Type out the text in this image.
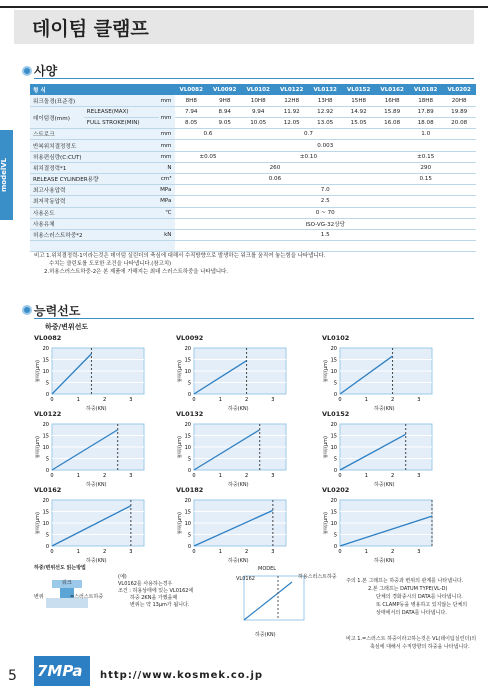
데이텀 클램프
modelVL
사양
형 식			VL0082	VL0092	VL0102	VL0122	VL0132	VL0152	VL0162	VL0182	VL0202
워크돌경(표준경)		mm	8H8	9H8	10H8	12H8	13H8	15H8	16H8	18H8	20H8
데이텀경(mm)	RELEASE(MAX)	mm	7.94	8.94	9.94	11.92	12.92	14.92	15.89	17.89	19.89
	FULL STROKE(MIN)		8.05	9.05	10.05	12.05	13.05	15.05	16.08	18.08	20.08
스트로크		mm	0.6		0.7				1.0		
반복위치결정정도		mm	0.003								
허용편심량(C:CUT)		mm	±0.05		±0.10				±0.15		
위치결정력*1		N	260						290		
RELEASE CYLINDER용량		cm³	0.06						0.15		
최고사용압력		MPa	7.0								
최저작동압력		MPa	2.5								
사용온도		℃	0 ~ 70								
사용유체			ISO-VG-32상당								
허용스러스트하중*2		kN	1.5								

비고 1.위치결정력-1이라는것은 데이텀 실린더의 축심에 대해서 수직방향으로 발생하는 워크를 움직여 놓는힘을 나타냅니다.
수치는 클린토를 도포한 조건을 나타냅니다.(참고치)
2.허용스러스트하중-2은 본 제품에 가해지는 최대 스러스트하중을 나타냅니다.
능력선도
하중/변위선도
VL0082
변위(μm)
하중(KN)
0
5
10
15
20
0	1	2	3
VL0092
변위(μm)
하중(KN)
0
5
10
15
20
0	1	2	3
VL0102
변위(μm)
하중(KN)
0
5
10
15
20
0	1	2	3
VL0122
변위(μm)
하중(KN)
0
5
10
15
20
0	1	2	3
VL0132
변위(μm)
하중(KN)
0
5
10
15
20
0	1	2	3
VL0152
변위(μm)
하중(KN)
0
5
10
15
20
0	1	2	3
VL0162
변위(μm)
하중(KN)
0
5
10
15
20
0	1	2	3
VL0182
변위(μm)
하중(KN)
0
5
10
15
20
0	1	2	3
VL0202
변위(μm)
하중(KN)
0
5
10
15
20
0	1	2	3
하중/변위선도 읽는방법
워크
변위	=스러스트하중
(예)
VL0162를 사용하는경우
조건 : 허용상태에 있는 VL0162에
하중 2KN을 가했을때
변위는 약 13μm가 됩니다.
MODEL
VL0162	허용스러스트하중
하중(KN)
주의 1.본 그래프는 하중과 변위의 관계를 나타냅니다.
2.본 그래프는 DATUM TYPE(VL-D)
단체의 경화종시의 DATA를 나타냅니다.
또 CLAMP등을 병용하고 있지않는 단체의
상태에서의 DATA를 나타냅니다.
비고 1.=스러스트 하중이라고하는것은 VL(데이텀실린더)의
축심에 대해서 수직방향의 하중을 나타냅니다.
5 7MPa	http://www.kosmek.co.jp
